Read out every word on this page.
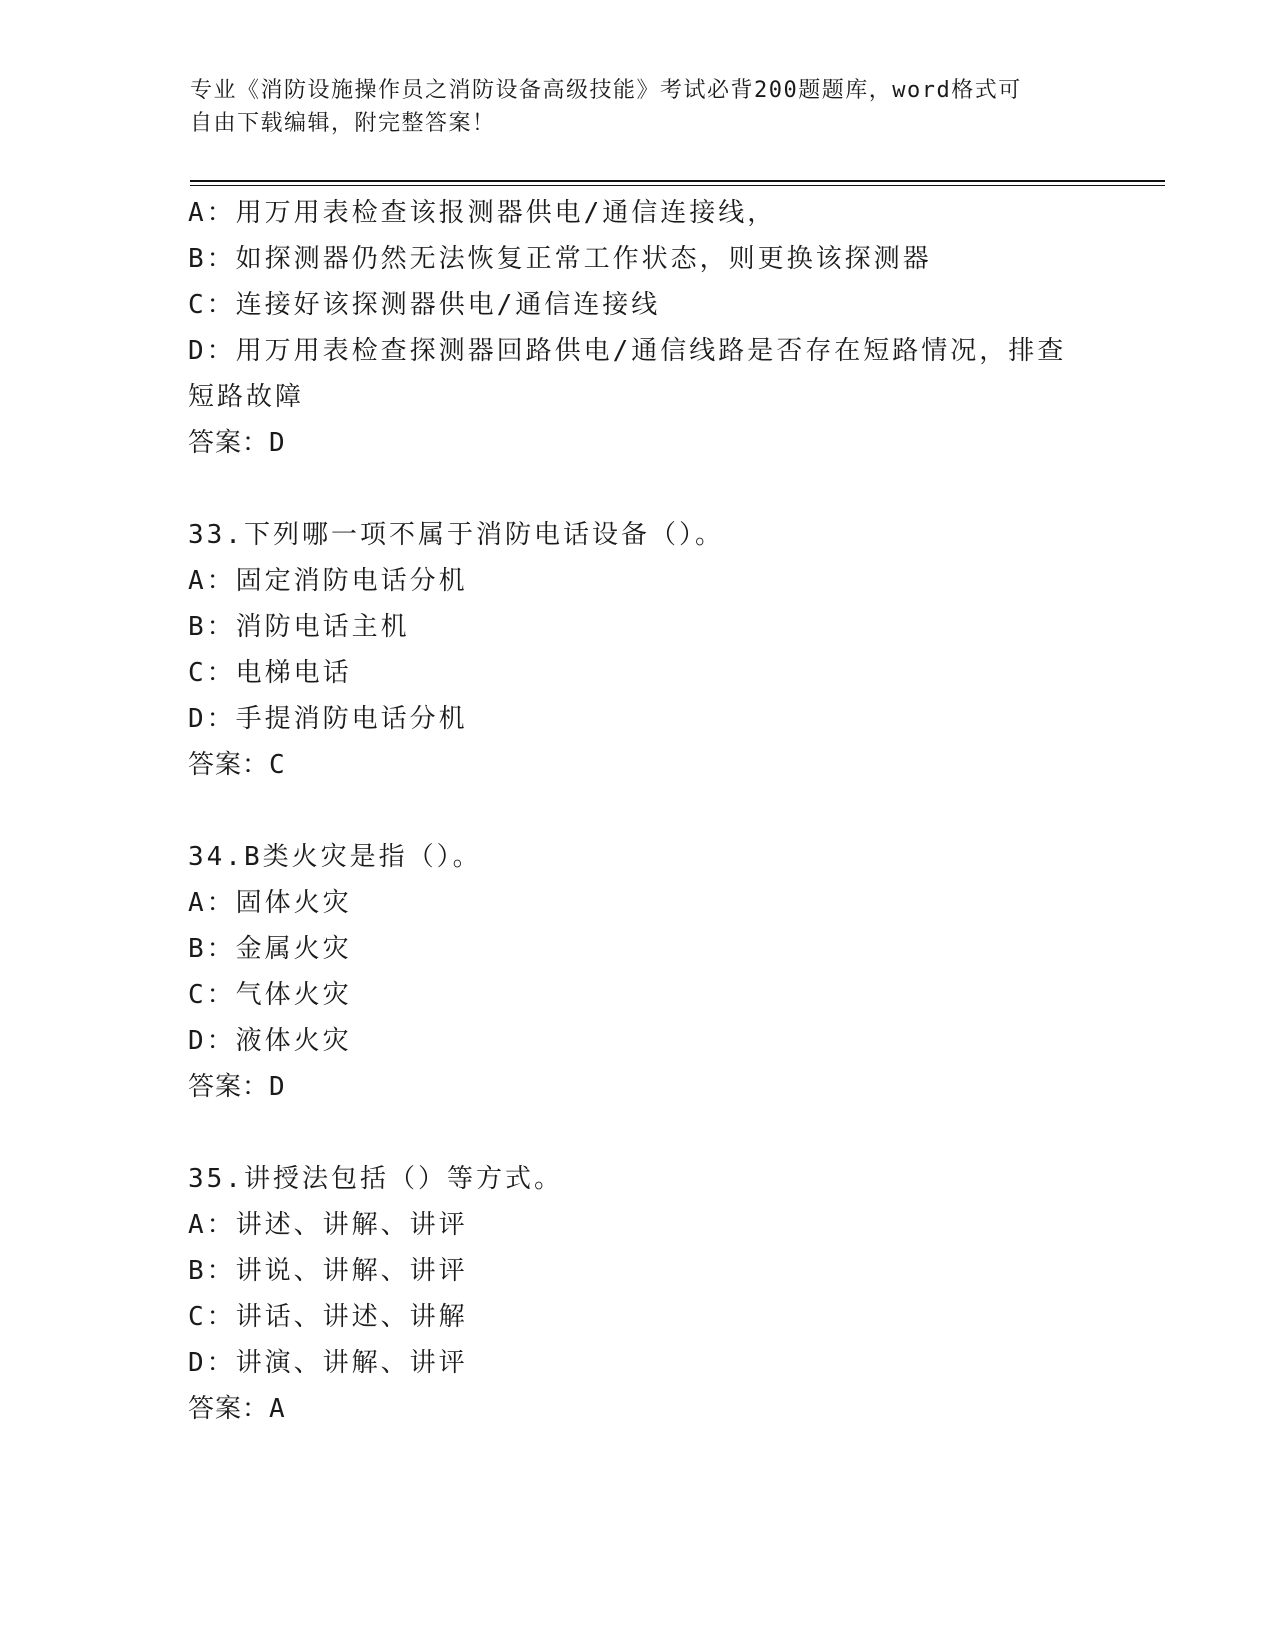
专业《消防设施操作员之消防设备高级技能》考试必背200题题库，word格式可
自由下载编辑，附完整答案！
A：用万用表检查该报测器供电/通信连接线，
B：如探测器仍然无法恢复正常工作状态，则更换该探测器
C：连接好该探测器供电/通信连接线
D：用万用表检查探测器回路供电/通信线路是否存在短路情况，排查
短路故障
答案：D
33.下列哪一项不属于消防电话设备（）。
A：固定消防电话分机
B：消防电话主机
C：电梯电话
D：手提消防电话分机
答案：C
34.B类火灾是指（）。
A：固体火灾
B：金属火灾
C：气体火灾
D：液体火灾
答案：D
35.讲授法包括（）等方式。
A：讲述、讲解、讲评
B：讲说、讲解、讲评
C：讲话、讲述、讲解
D：讲演、讲解、讲评
答案：A
